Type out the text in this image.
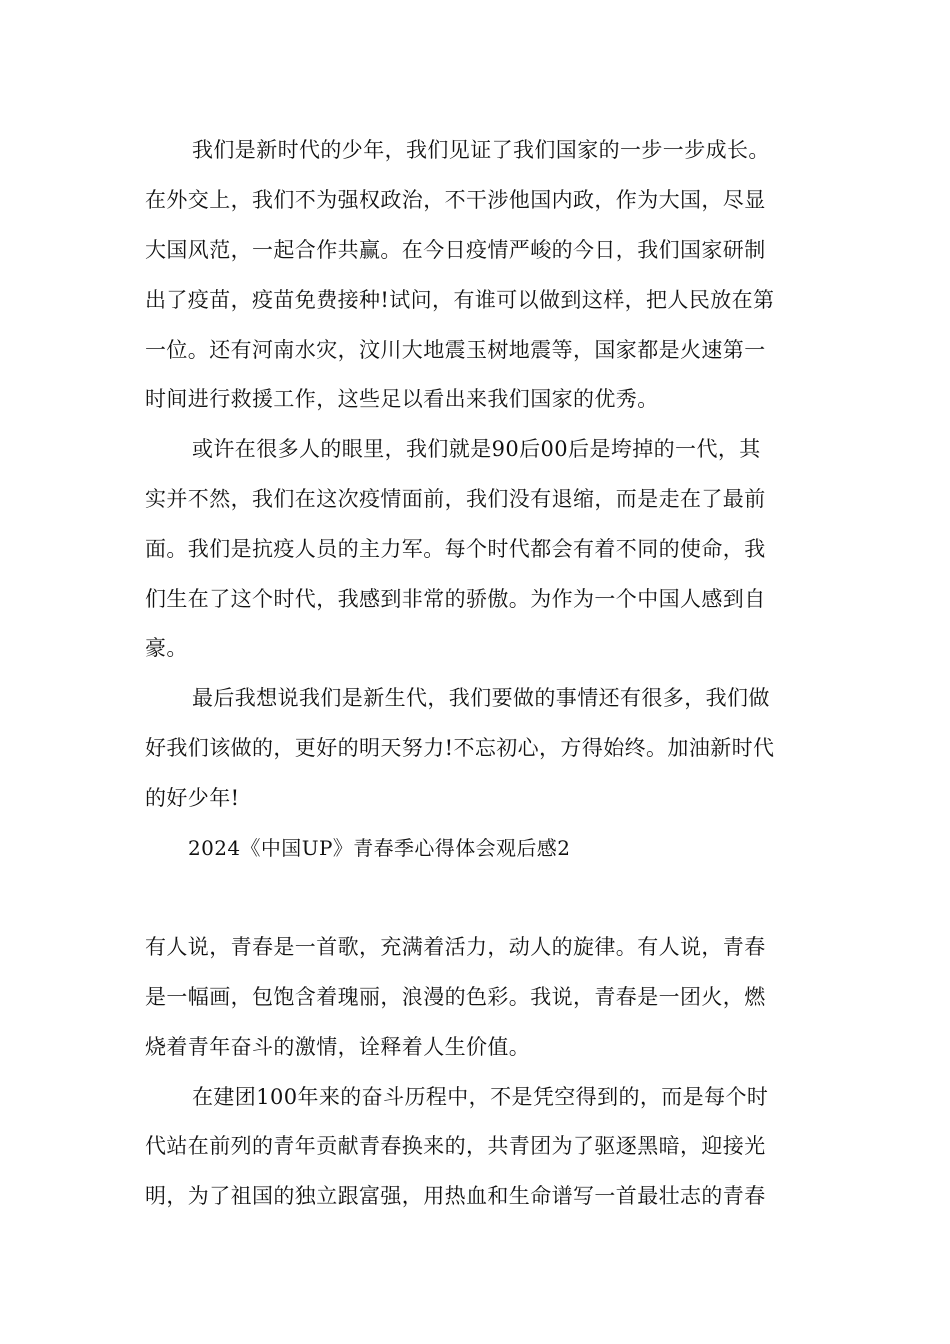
我们是新时代的少年，我们见证了我们国家的一步一步成长。
在外交上，我们不为强权政治，不干涉他国内政，作为大国，尽显
大国风范，一起合作共赢。在今日疫情严峻的今日，我们国家研制
出了疫苗，疫苗免费接种!试问，有谁可以做到这样，把人民放在第
一位。还有河南水灾，汶川大地震玉树地震等，国家都是火速第一
时间进行救援工作，这些足以看出来我们国家的优秀。
或许在很多人的眼里，我们就是90后00后是垮掉的一代，其
实并不然，我们在这次疫情面前，我们没有退缩，而是走在了最前
面。我们是抗疫人员的主力军。每个时代都会有着不同的使命，我
们生在了这个时代，我感到非常的骄傲。为作为一个中国人感到自
豪。
最后我想说我们是新生代，我们要做的事情还有很多，我们做
好我们该做的，更好的明天努力!不忘初心，方得始终。加油新时代
的好少年!
2024《中国UP》青春季心得体会观后感2
有人说，青春是一首歌，充满着活力，动人的旋律。有人说，青春
是一幅画，包饱含着瑰丽，浪漫的色彩。我说，青春是一团火，燃
烧着青年奋斗的激情，诠释着人生价值。
在建团100年来的奋斗历程中，不是凭空得到的，而是每个时
代站在前列的青年贡献青春换来的，共青团为了驱逐黑暗，迎接光
明，为了祖国的独立跟富强，用热血和生命谱写一首最壮志的青春
